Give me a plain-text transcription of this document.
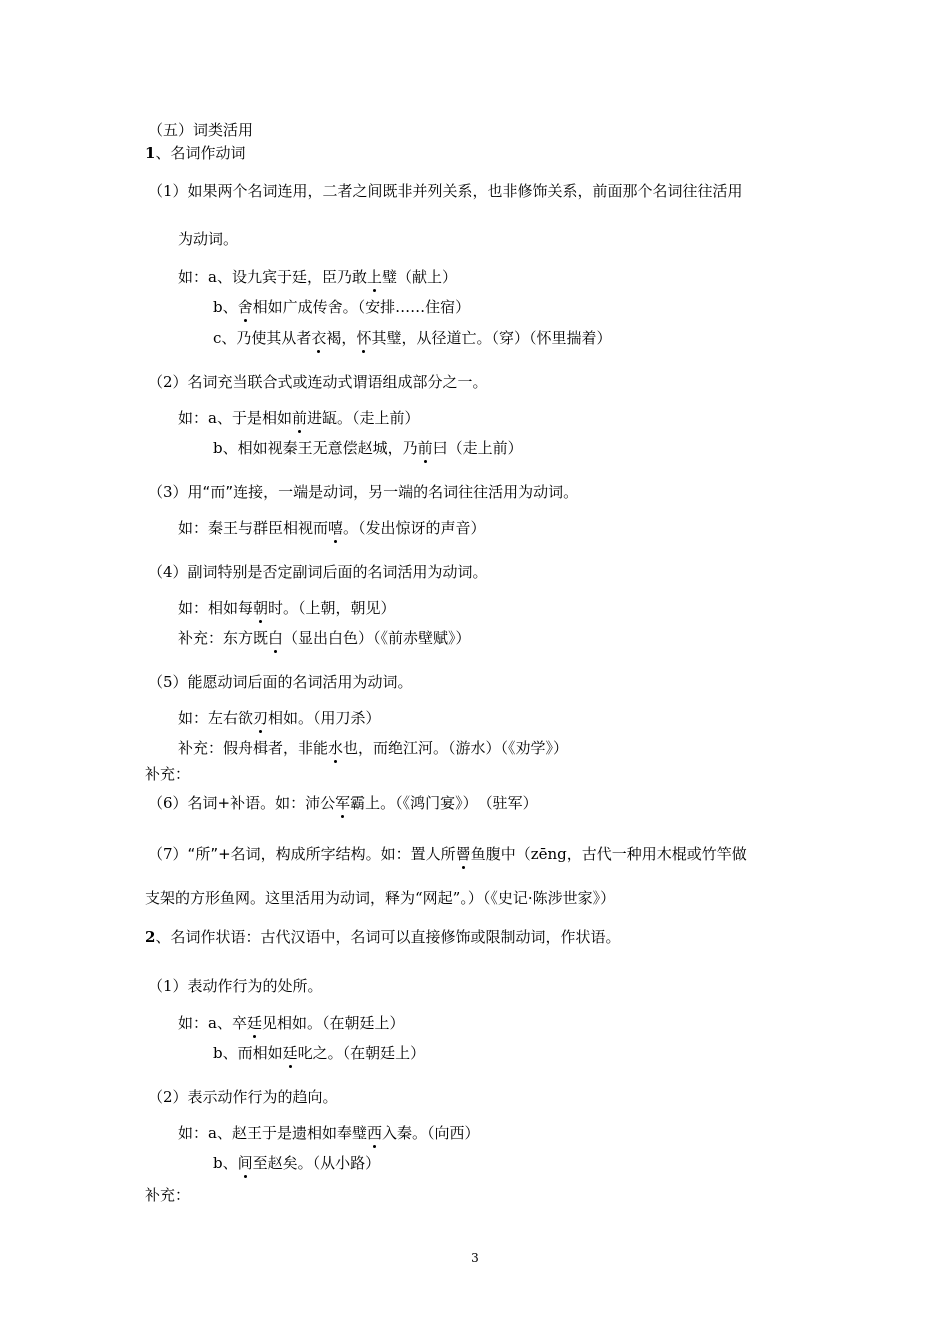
（五）词类活用
1、名词作动词
（1）如果两个名词连用，二者之间既非并列关系，也非修饰关系，前面那个名词往往活用
为动词。
如：a、设九宾于廷，臣乃敢上璧（献上）
b、舍相如广成传舍。（安排……住宿）
c、乃使其从者衣褐，怀其璧，从径道亡。（穿）（怀里揣着）
（2）名词充当联合式或连动式谓语组成部分之一。
如：a、于是相如前进缻。（走上前）
b、相如视秦王无意偿赵城，乃前曰（走上前）
（3）用“而”连接，一端是动词，另一端的名词往往活用为动词。
如：秦王与群臣相视而嘻。（发出惊讶的声音）
（4）副词特别是否定副词后面的名词活用为动词。
如：相如每朝时。（上朝，朝见）
补充：东方既白（显出白色）（《前赤壁赋》）
（5）能愿动词后面的名词活用为动词。
如：左右欲刃相如。（用刀杀）
补充：假舟楫者，非能水也，而绝江河。（游水）（《劝学》）
补充：
（6）名词+补语。如：沛公军霸上。（《鸿门宴》）　（驻军）
（7）“所”+名词，构成所字结构。如：置人所罾鱼腹中（zēng，古代一种用木棍或竹竿做
支架的方形鱼网。这里活用为动词，释为“网起”。）（《史记·陈涉世家》）
2、名词作状语：古代汉语中，名词可以直接修饰或限制动词，作状语。
（1）表动作行为的处所。
如：a、卒廷见相如。（在朝廷上）
b、而相如廷叱之。（在朝廷上）
（2）表示动作行为的趋向。
如：a、赵王于是遗相如奉璧西入秦。（向西）
b、间至赵矣。（从小路）
补充：
3
